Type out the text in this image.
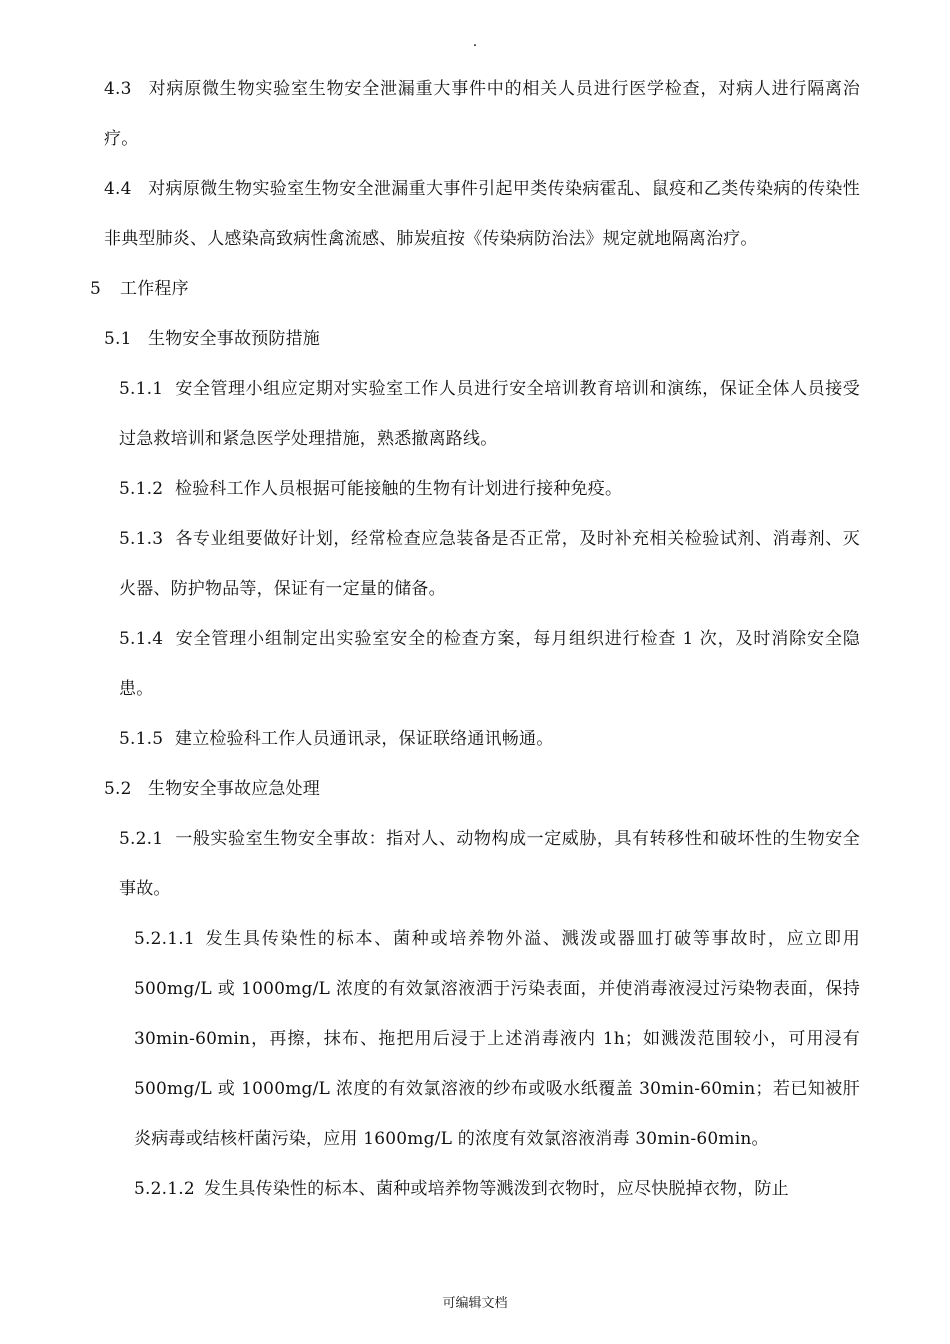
.

4.3 对病原微生物实验室生物安全泄漏重大事件中的相关人员进行医学检查，对病人进行隔离治疗。

4.4 对病原微生物实验室生物安全泄漏重大事件引起甲类传染病霍乱、鼠疫和乙类传染病的传染性非典型肺炎、人感染高致病性禽流感、肺炭疽按《传染病防治法》规定就地隔离治疗。

5 工作程序

5.1 生物安全事故预防措施

5.1.1 安全管理小组应定期对实验室工作人员进行安全培训教育培训和演练，保证全体人员接受过急救培训和紧急医学处理措施，熟悉撤离路线。

5.1.2 检验科工作人员根据可能接触的生物有计划进行接种免疫。

5.1.3 各专业组要做好计划，经常检查应急装备是否正常，及时补充相关检验试剂、消毒剂、灭火器、防护物品等，保证有一定量的储备。

5.1.4 安全管理小组制定出实验室安全的检查方案，每月组织进行检查 1 次，及时消除安全隐患。

5.1.5 建立检验科工作人员通讯录，保证联络通讯畅通。

5.2 生物安全事故应急处理

5.2.1 一般实验室生物安全事故：指对人、动物构成一定威胁，具有转移性和破坏性的生物安全事故。

5.2.1.1 发生具传染性的标本、菌种或培养物外溢、溅泼或器皿打破等事故时，应立即用 500mg/L 或 1000mg/L 浓度的有效氯溶液洒于污染表面，并使消毒液浸过污染物表面，保持 30min-60min，再擦，抹布、拖把用后浸于上述消毒液内 1h；如溅泼范围较小，可用浸有 500mg/L 或 1000mg/L 浓度的有效氯溶液的纱布或吸水纸覆盖 30min-60min；若已知被肝炎病毒或结核杆菌污染，应用 1600mg/L 的浓度有效氯溶液消毒 30min-60min。

5.2.1.2 发生具传染性的标本、菌种或培养物等溅泼到衣物时，应尽快脱掉衣物，防止

可编辑文档
